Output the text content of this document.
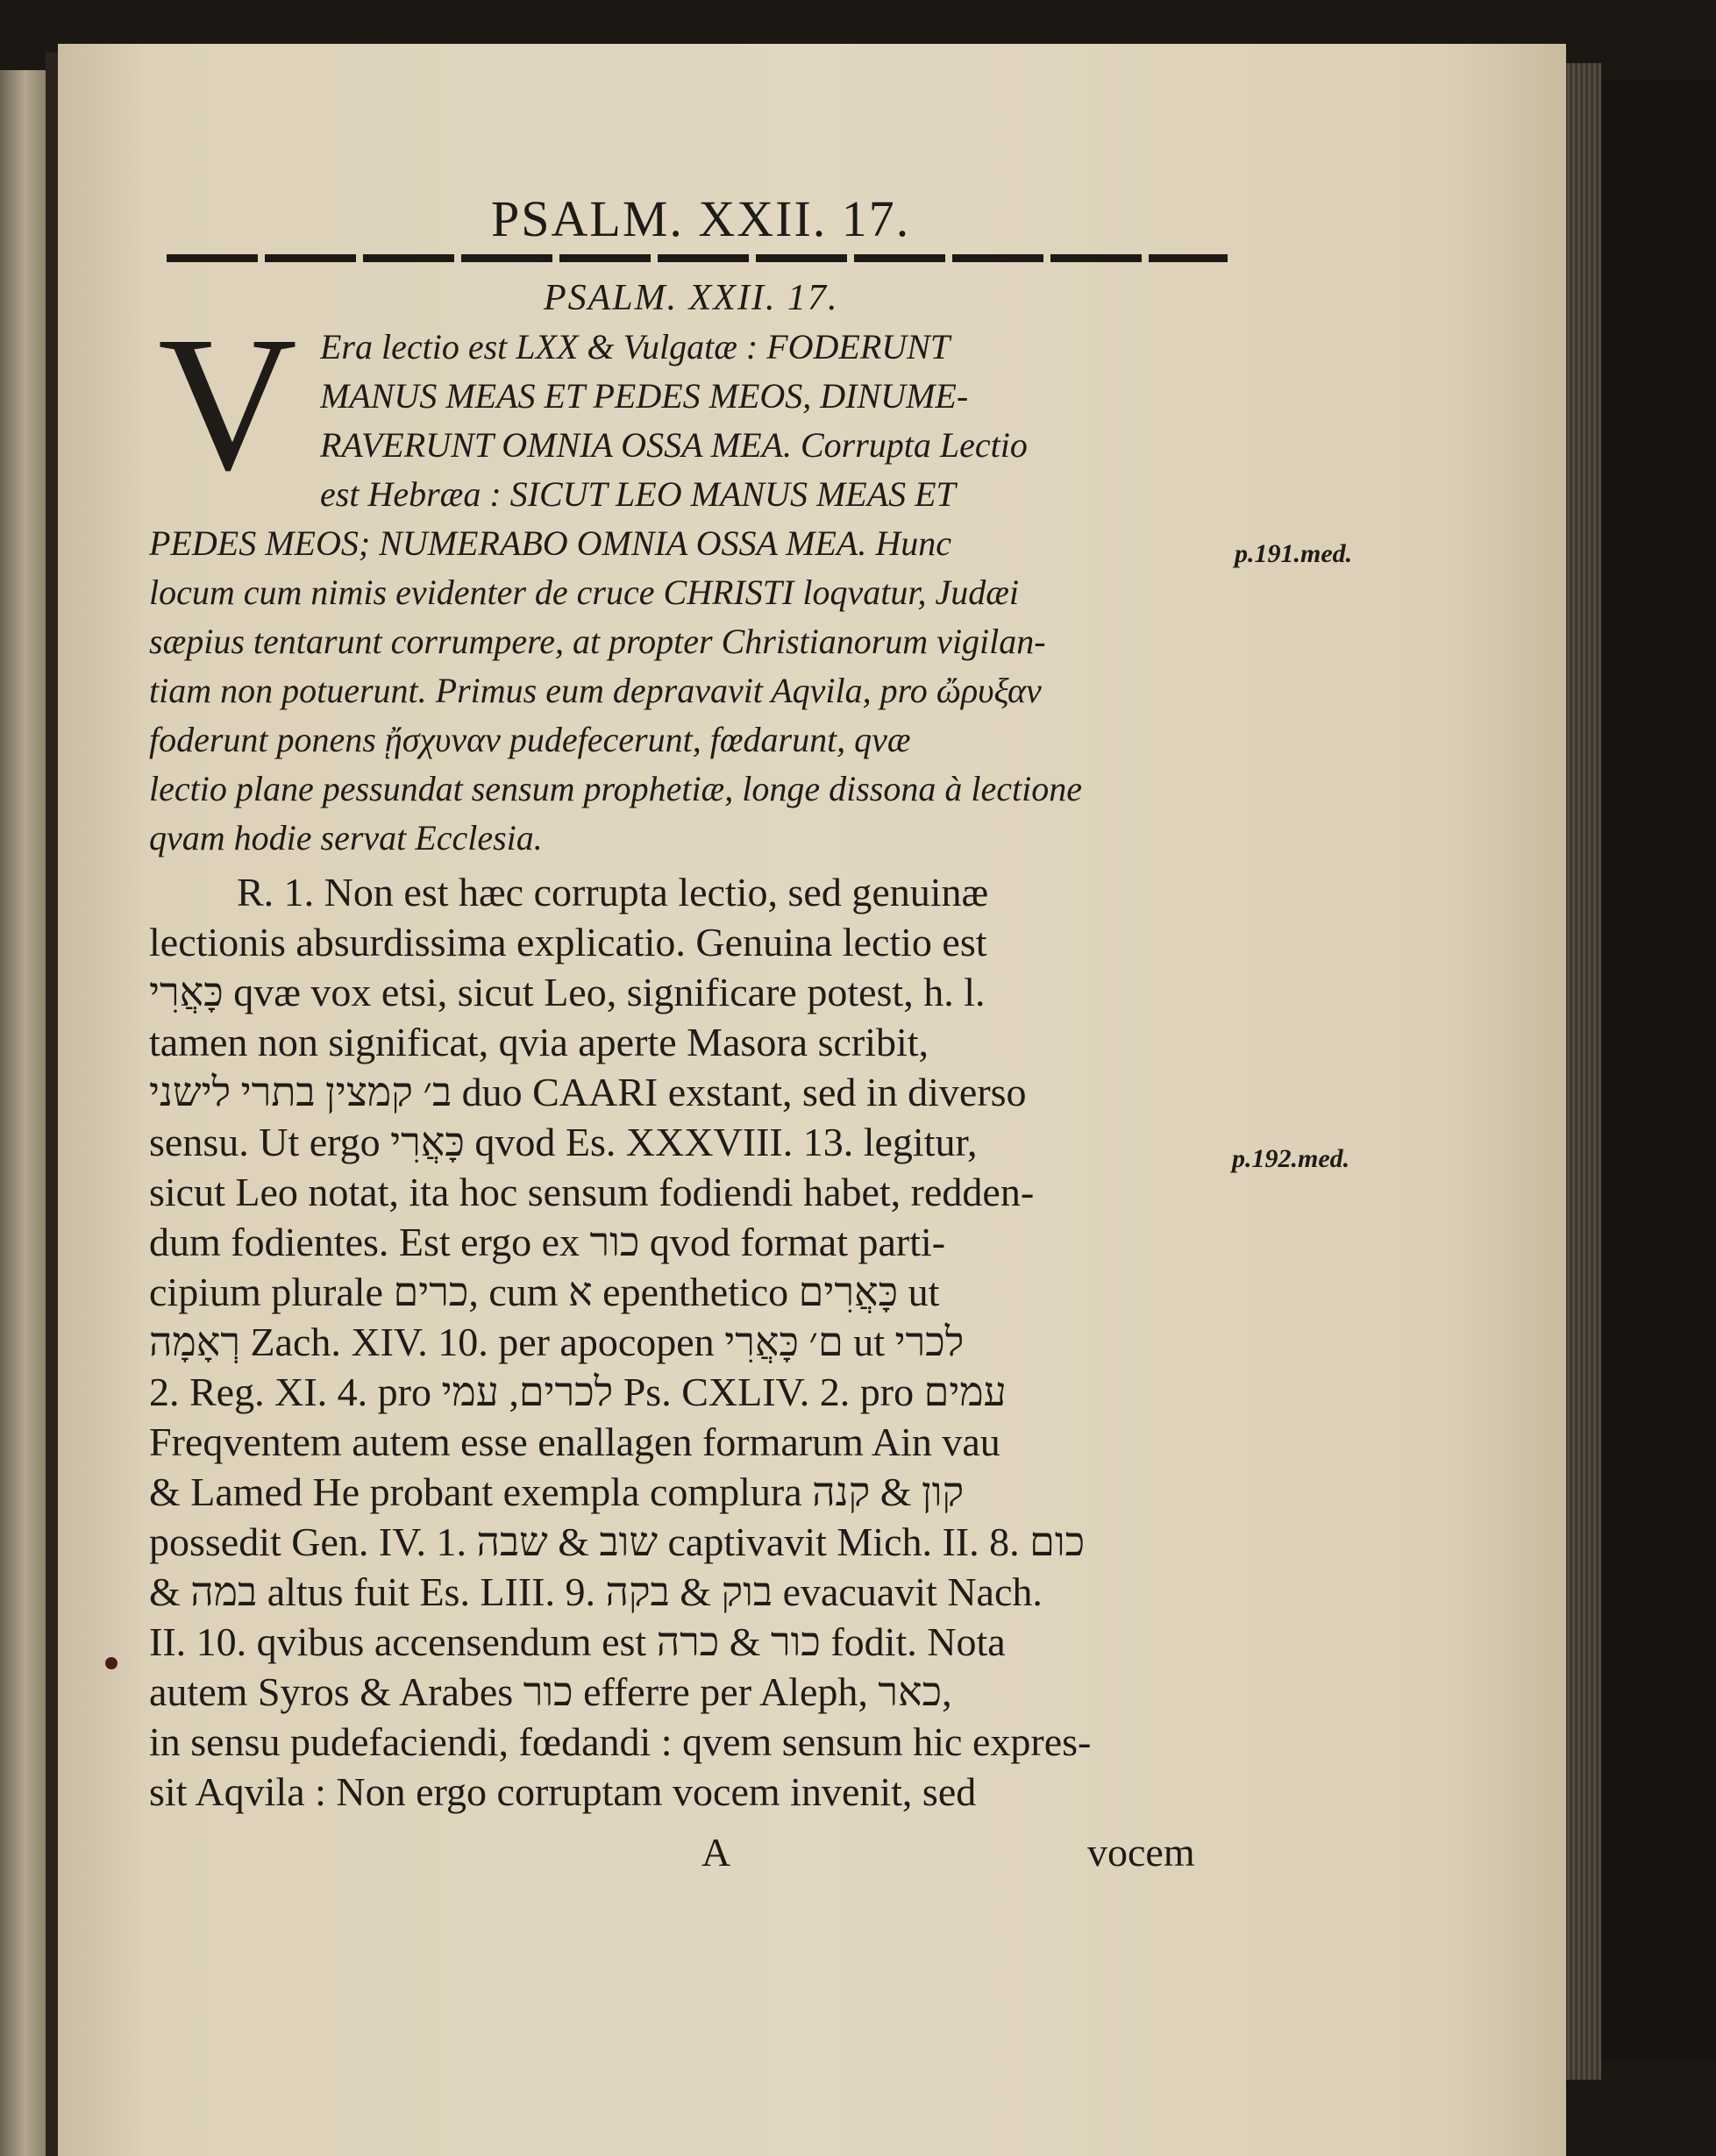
PSALM. XXII. 17.
PSALM. XXII. 17.
V Era lectio est LXX & Vulgatæ : FODERUNT
MANUS MEAS ET PEDES MEOS, DINUME-
RAVERUNT OMNIA OSSA MEA. Corrupta Lectio
est Hebræa : SICUT LEO MANUS MEAS ET
PEDES MEOS; NUMERABO OMNIA OSSA MEA. Hunc
locum cum nimis evidenter de cruce CHRISTI loqvatur, Judæi
sæpius tentarunt corrumpere, at propter Christianorum vigilan-
tiam non potuerunt. Primus eum depravavit Aqvila, pro ὤρυξαν
foderunt ponens ᾔσχυναν pudefecerunt, fœdarunt, qvæ
lectio plane pessundat sensum prophetiæ, longe dissona à lectione
qvam hodie servat Ecclesia.
R. 1. Non est hæc corrupta lectio, sed genuinæ
lectionis absurdissima explicatio. Genuina lectio est
כָּאֲרִי qvæ vox etsi, sicut Leo, significare potest, h. l.
tamen non significat, qvia aperte Masora scribit,
ב׳ קמצין בתרי לישני duo CAARI exstant, sed in diverso
sensu. Ut ergo כָּאֲרִי qvod Es. XXXVIII. 13. legitur,
sicut Leo notat, ita hoc sensum fodiendi habet, redden-
dum fodientes. Est ergo ex כור qvod format parti-
cipium plurale כרים, cum א epenthetico כָּאֲרִים ut
רְאָמָה Zach. XIV. 10. per apocopen ם׳ כָּאֲרִי ut לכרי
2. Reg. XI. 4. pro לכרים, עמי Ps. CXLIV. 2. pro עמים
Freqventem autem esse enallagen formarum Ain vau
& Lamed He probant exempla complura קון & קנה
possedit Gen. IV. 1. שוב & שבה captivavit Mich. II. 8. כום
& במה altus fuit Es. LIII. 9. בוק & בקה evacuavit Nach.
II. 10. qvibus accensendum est כור & כרה fodit. Nota
autem Syros & Arabes כור efferre per Aleph, כאר,
in sensu pudefaciendi, fœdandi : qvem sensum hic expres-
sit Aqvila : Non ergo corruptam vocem invenit, sed
p.191.med.
p.192.med.
A	vocem
